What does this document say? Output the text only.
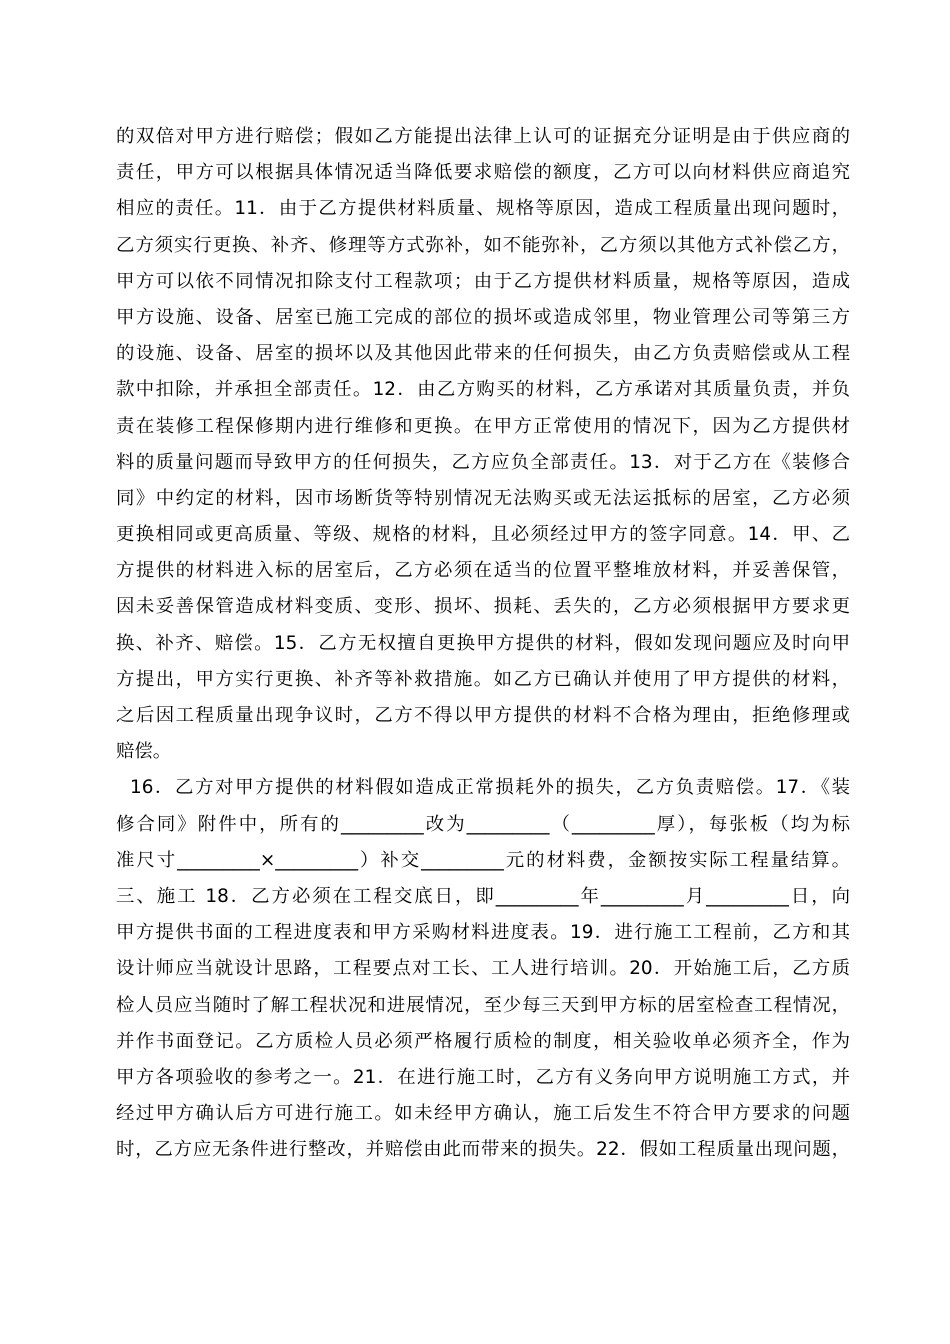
的双倍对甲方进行赔偿；假如乙方能提出法律上认可的证据充分证明是由于供应商的
责任，甲方可以根据具体情况适当降低要求赔偿的额度，乙方可以向材料供应商追究
相应的责任。11．由于乙方提供材料质量、规格等原因，造成工程质量出现问题时，
乙方须实行更换、补齐、修理等方式弥补，如不能弥补，乙方须以其他方式补偿乙方，
甲方可以依不同情况扣除支付工程款项；由于乙方提供材料质量，规格等原因，造成
甲方设施、设备、居室已施工完成的部位的损坏或造成邻里，物业管理公司等第三方
的设施、设备、居室的损坏以及其他因此带来的任何损失，由乙方负责赔偿或从工程
款中扣除，并承担全部责任。12．由乙方购买的材料，乙方承诺对其质量负责，并负
责在装修工程保修期内进行维修和更换。在甲方正常使用的情况下，因为乙方提供材
料的质量问题而导致甲方的任何损失，乙方应负全部责任。13．对于乙方在《装修合
同》中约定的材料，因市场断货等特别情况无法购买或无法运抵标的居室，乙方必须
更换相同或更高质量、等级、规格的材料，且必须经过甲方的签字同意。14．甲、乙
方提供的材料进入标的居室后，乙方必须在适当的位置平整堆放材料，并妥善保管，
因未妥善保管造成材料变质、变形、损坏、损耗、丢失的，乙方必须根据甲方要求更
换、补齐、赔偿。15．乙方无权擅自更换甲方提供的材料，假如发现问题应及时向甲
方提出，甲方实行更换、补齐等补救措施。如乙方已确认并使用了甲方提供的材料，
之后因工程质量出现争议时，乙方不得以甲方提供的材料不合格为理由，拒绝修理或
赔偿。
16．乙方对甲方提供的材料假如造成正常损耗外的损失，乙方负责赔偿。17．《装
修合同》附件中，所有的_________改为_________（_________厚），每张板（均为标
准尺寸_________×_________）补交_________元的材料费，金额按实际工程量结算。
三、施工 18．乙方必须在工程交底日，即_________年_________月_________日，向
甲方提供书面的工程进度表和甲方采购材料进度表。19．进行施工工程前，乙方和其
设计师应当就设计思路，工程要点对工长、工人进行培训。20．开始施工后，乙方质
检人员应当随时了解工程状况和进展情况，至少每三天到甲方标的居室检查工程情况，
并作书面登记。乙方质检人员必须严格履行质检的制度，相关验收单必须齐全，作为
甲方各项验收的参考之一。21．在进行施工时，乙方有义务向甲方说明施工方式，并
经过甲方确认后方可进行施工。如未经甲方确认，施工后发生不符合甲方要求的问题
时，乙方应无条件进行整改，并赔偿由此而带来的损失。22．假如工程质量出现问题，
